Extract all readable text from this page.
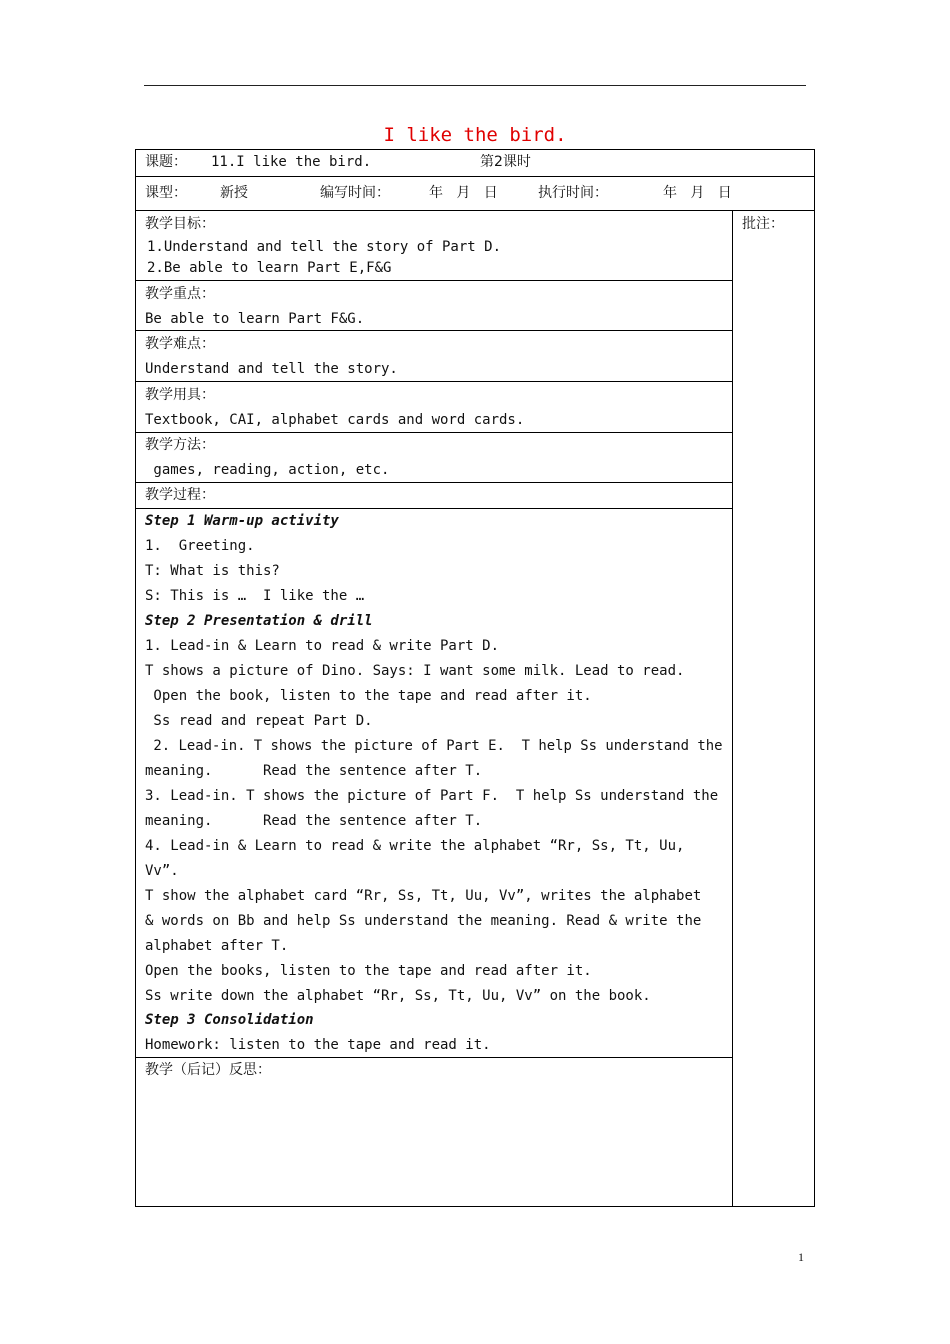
I like the bird.
课题： 11.I like the bird.	第2课时
课型： 新授	编写时间：	年   月   日	执行时间：	年   月   日
批注：
教学目标：
1.Understand and tell the story of Part D.
2.Be able to learn Part E,F&G
教学重点：
Be able to learn Part F&G.
教学难点：
Understand and tell the story.
教学用具：
Textbook, CAI, alphabet cards and word cards.
教学方法：
games, reading, action, etc.
教学过程：
Step 1 Warm-up activity
1.  Greeting.
T: What is this?
S: This is …  I like the …
Step 2 Presentation & drill
1. Lead-in & Learn to read & write Part D.
T shows a picture of Dino. Says: I want some milk. Lead to read.
Open the book, listen to the tape and read after it.
Ss read and repeat Part D.
2. Lead-in. T shows the picture of Part E.  T help Ss understand the
meaning.      Read the sentence after T.
3. Lead-in. T shows the picture of Part F.  T help Ss understand the
meaning.      Read the sentence after T.
4. Lead-in & Learn to read & write the alphabet “Rr, Ss, Tt, Uu,
Vv”.
T show the alphabet card “Rr, Ss, Tt, Uu, Vv”, writes the alphabet
& words on Bb and help Ss understand the meaning. Read & write the
alphabet after T.
Open the books, listen to the tape and read after it.
Ss write down the alphabet “Rr, Ss, Tt, Uu, Vv” on the book.
Step 3 Consolidation
Homework: listen to the tape and read it.
教学（后记）反思：
1
